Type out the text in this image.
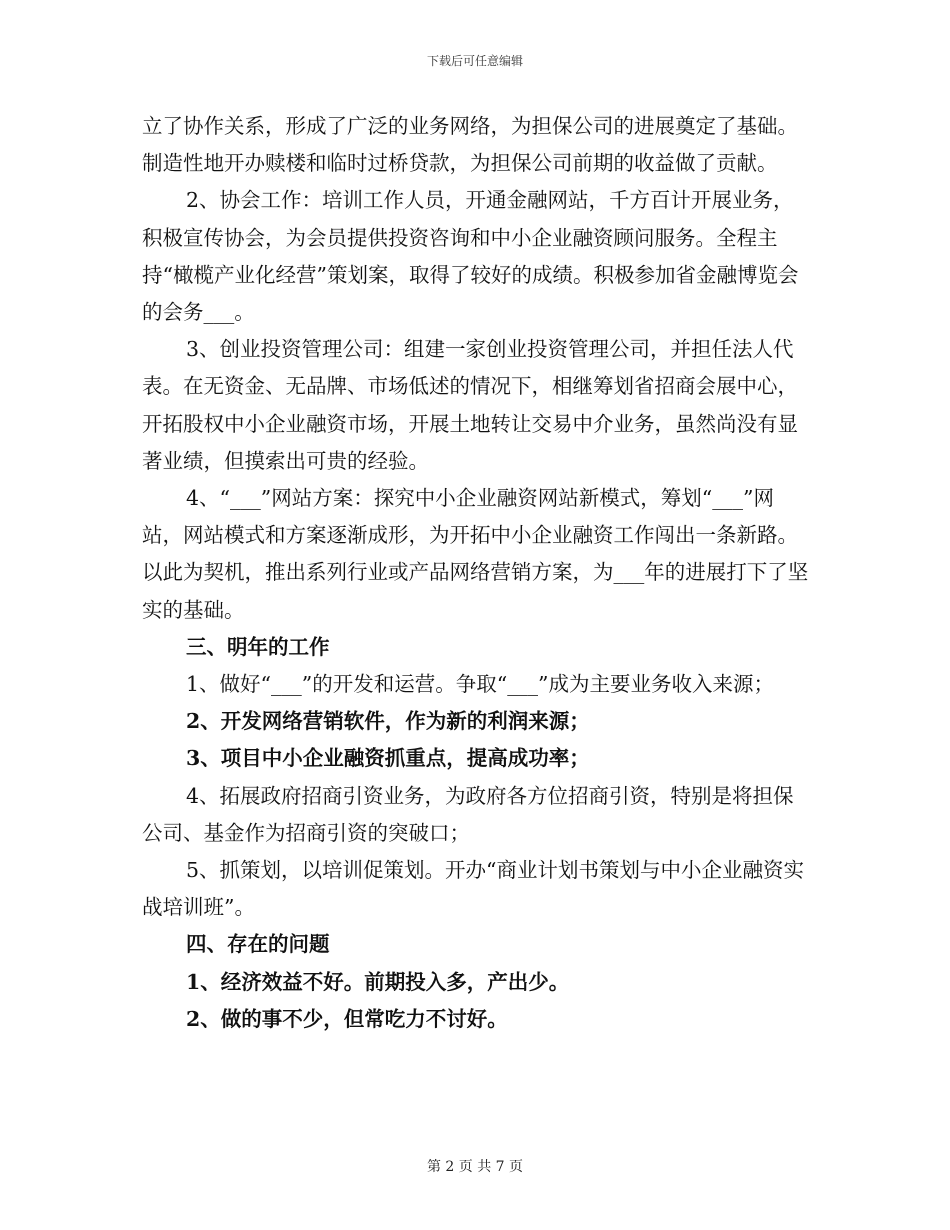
下载后可任意编辑

立了协作关系，形成了广泛的业务网络，为担保公司的进展奠定了基础。制造性地开办赎楼和临时过桥贷款，为担保公司前期的收益做了贡献。

2、协会工作：培训工作人员，开通金融网站，千方百计开展业务，积极宣传协会，为会员提供投资咨询和中小企业融资顾问服务。全程主持“橄榄产业化经营”策划案，取得了较好的成绩。积极参加省金融博览会的会务___。

3、创业投资管理公司：组建一家创业投资管理公司，并担任法人代表。在无资金、无品牌、市场低述的情况下，相继筹划省招商会展中心，开拓股权中小企业融资市场，开展土地转让交易中介业务，虽然尚没有显著业绩，但摸索出可贵的经验。

4、“___”网站方案：探究中小企业融资网站新模式，筹划“___”网站，网站模式和方案逐渐成形，为开拓中小企业融资工作闯出一条新路。以此为契机，推出系列行业或产品网络营销方案，为___年的进展打下了坚实的基础。

三、明年的工作

1、做好“___”的开发和运营。争取“___”成为主要业务收入来源；

2、开发网络营销软件，作为新的利润来源；

3、项目中小企业融资抓重点，提高成功率；

4、拓展政府招商引资业务，为政府各方位招商引资，特别是将担保公司、基金作为招商引资的突破口；

5、抓策划，以培训促策划。开办“商业计划书策划与中小企业融资实战培训班”。

四、存在的问题

1、经济效益不好。前期投入多，产出少。

2、做的事不少，但常吃力不讨好。

第 2 页 共 7 页
